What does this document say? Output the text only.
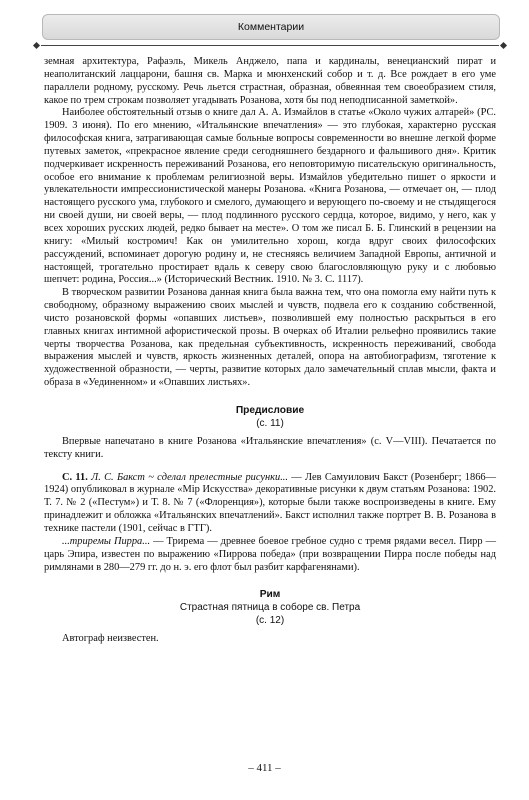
Комментарии

земная архитектура, Рафаэль, Микель Анджело, папа и кардиналы, венецианский пират и неаполитанский лаццарони, башня св. Марка и мюнхенский собор и т. д. Все рождает в его уме параллели родному, русскому. Речь льется страстная, образная, обвеянная тем своеобразием стиля, какое по трем строкам позволяет угадывать Розанова, хотя бы под неподписанной заметкой».

Наиболее обстоятельный отзыв о книге дал А. А. Измайлов в статье «Около чужих алтарей» (РС. 1909. 3 июня). По его мнению, «Итальянские впечатления» — это глубокая, характерно русская философская книга, затрагивающая самые больные вопросы современности во внешне легкой форме путевых заметок, «прекрасное явление среди сегодняшнего бездарного и фальшивого дня». Критик подчеркивает искренность переживаний Розанова, его неповторимую писательскую оригинальность, особое его внимание к проблемам религиозной веры. Измайлов убедительно пишет о яркости и увлекательности импрессионистической манеры Розанова. «Книга Розанова, — отмечает он, — плод настоящего русского ума, глубокого и смелого, думающего и верующего по-своему и не стыдящегося ни своей души, ни своей веры, — плод подлинного русского сердца, которое, видимо, у него, как у всех хороших русских людей, редко бывает на месте». О том же писал Б. Б. Глинский в рецензии на книгу: «Милый костромич! Как он умилительно хорош, когда вдруг своих философских рассуждений, вспоминает дорогую родину и, не стесняясь величием Западной Европы, античной и настоящей, трогательно простирает вдаль к северу свою благословляющую руку и с любовью шепчет: родина, Россия...» (Исторический Вестник. 1910. № 3. С. 1117).

В творческом развитии Розанова данная книга была важна тем, что она помогла ему найти путь к свободному, образному выражению своих мыслей и чувств, подвела его к созданию собственной, чисто розановской формы «опавших листьев», позволившей ему полностью раскрыться в его главных книгах интимной афористической прозы. В очерках об Италии рельефно проявились такие черты творчества Розанова, как предельная субъективность, искренность переживаний, свобода выражения мыслей и чувств, яркость жизненных деталей, опора на автобиографизм, тяготение к художественной образности, — черты, развитие которых дало замечательный сплав мысли, факта и образа в «Уединенном» и «Опавших листьях».

Предисловие
(с. 11)

Впервые напечатано в книге Розанова «Итальянские впечатления» (с. V—VIII). Печатается по тексту книги.

С. 11. Л. С. Бакст ~ сделал прелестные рисунки... — Лев Самуилович Бакст (Розенберг; 1866—1924) опубликовал в журнале «Мiр Искусства» декоративные рисунки к двум статьям Розанова: 1902. Т. 7. № 2 («Пестум») и Т. 8. № 7 («Флоренция»), которые были также воспроизведены в книге. Ему принадлежит и обложка «Итальянских впечатлений». Бакст исполнил также портрет В. В. Розанова в технике пастели (1901, сейчас в ГТГ).

...триремы Пирра... — Трирема — древнее боевое гребное судно с тремя рядами весел. Пирр — царь Эпира, известен по выражению «Пиррова победа» (при возвращении Пирра после победы над римлянами в 280—279 гг. до н. э. его флот был разбит карфагенянами).

Рим
Страстная пятница в соборе св. Петра
(с. 12)

Автограф неизвестен.

– 411 –
